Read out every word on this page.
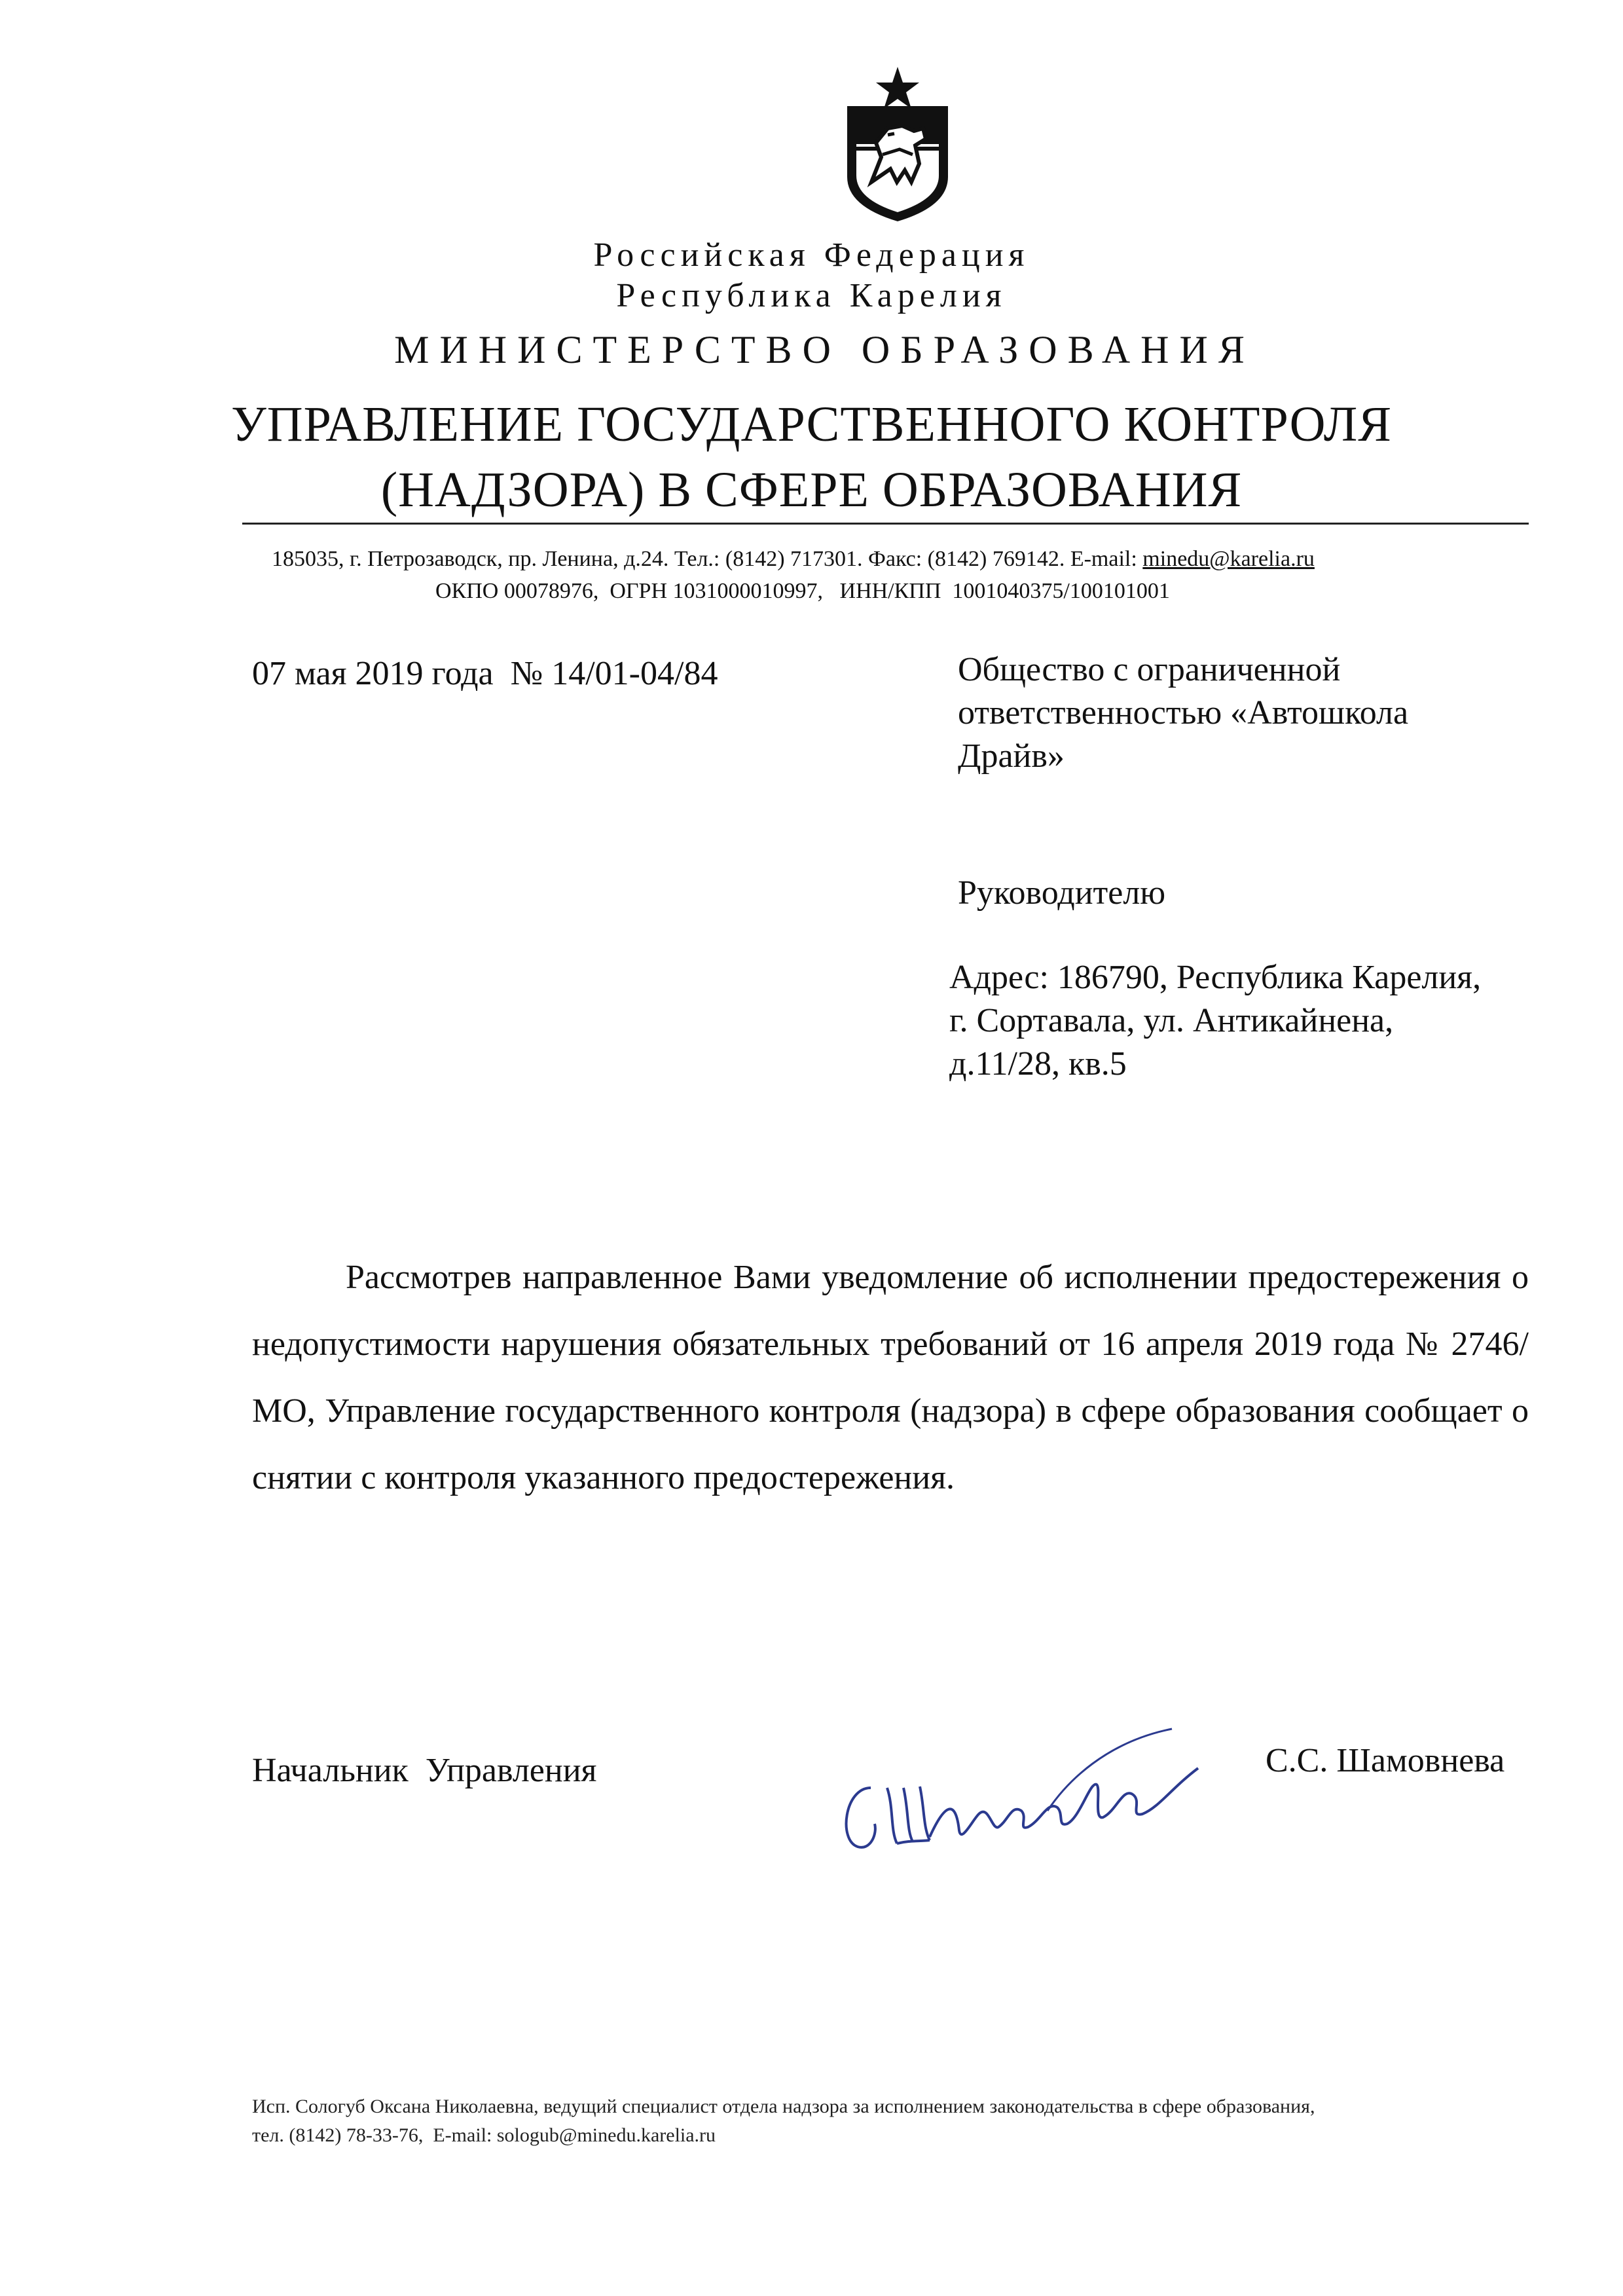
Российская Федерация
Республика Карелия
МИНИСТЕРСТВО ОБРАЗОВАНИЯ
УПРАВЛЕНИЕ ГОСУДАРСТВЕННОГО КОНТРОЛЯ
(НАДЗОРА) В СФЕРЕ ОБРАЗОВАНИЯ
185035, г. Петрозаводск, пр. Ленина, д.24. Тел.: (8142) 717301. Факс: (8142) 769142. E-mail: minedu@karelia.ru
ОКПО 00078976,  ОГРН 1031000010997,   ИНН/КПП  1001040375/100101001
07 мая 2019 года  № 14/01-04/84	Общество с ограниченной
ответственностью «Автошкола
Драйв»
Руководителю
Адрес: 186790, Республика Карелия,
г. Сортавала, ул. Антикайнена,
д.11/28, кв.5
Рассмотрев направленное Вами уведомление об исполнении предостережения о недопустимости нарушения обязательных требований от 16 апреля 2019 года № 2746/МО, Управление государственного контроля (надзора) в сфере образования сообщает о снятии с контроля указанного предостережения.
Начальник  Управления	С.С. Шамовнева
Исп. Сологуб Оксана Николаевна, ведущий специалист отдела надзора за исполнением законодательства в сфере образования,
тел. (8142) 78-33-76,  E-mail: sologub@minedu.karelia.ru
